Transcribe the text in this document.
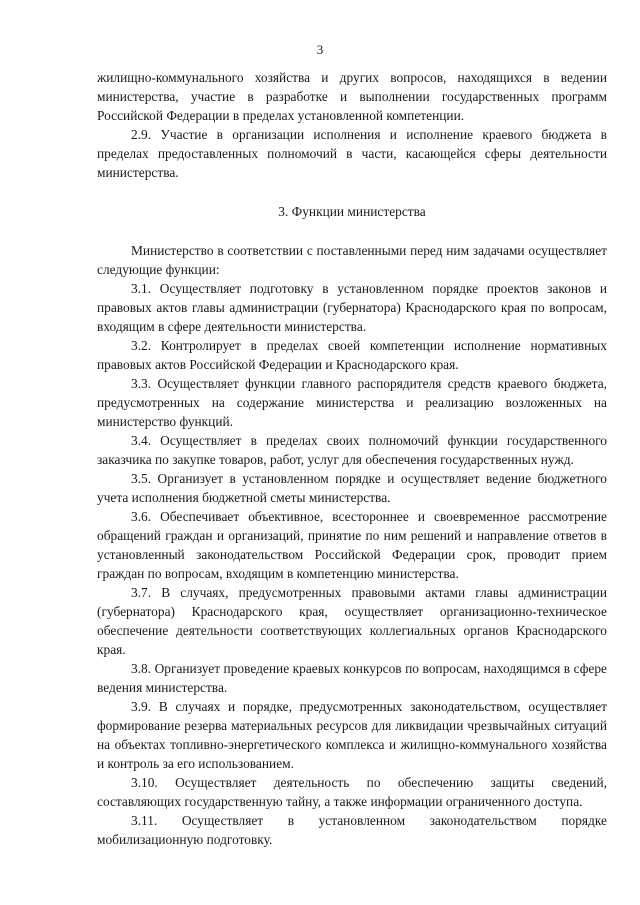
3

жилищно-коммунального хозяйства и других вопросов, находящихся в ведении министерства, участие в разработке и выполнении государственных программ Российской Федерации в пределах установленной компетенции.

2.9. Участие в организации исполнения и исполнение краевого бюджета в пределах предоставленных полномочий в части, касающейся сферы деятельности министерства.

3. Функции министерства

Министерство в соответствии с поставленными перед ним задачами осуществляет следующие функции:

3.1. Осуществляет подготовку в установленном порядке проектов законов и правовых актов главы администрации (губернатора) Краснодарского края по вопросам, входящим в сфере деятельности министерства.

3.2. Контролирует в пределах своей компетенции исполнение нормативных правовых актов Российской Федерации и Краснодарского края.

3.3. Осуществляет функции главного распорядителя средств краевого бюджета, предусмотренных на содержание министерства и реализацию возложенных на министерство функций.

3.4. Осуществляет в пределах своих полномочий функции государственного заказчика по закупке товаров, работ, услуг для обеспечения государственных нужд.

3.5. Организует в установленном порядке и осуществляет ведение бюджетного учета исполнения бюджетной сметы министерства.

3.6. Обеспечивает объективное, всестороннее и своевременное рассмотрение обращений граждан и организаций, принятие по ним решений и направление ответов в установленный законодательством Российской Федерации срок, проводит прием граждан по вопросам, входящим в компетенцию министерства.

3.7. В случаях, предусмотренных правовыми актами главы администрации (губернатора) Краснодарского края, осуществляет организационно-техническое обеспечение деятельности соответствующих коллегиальных органов Краснодарского края.

3.8. Организует проведение краевых конкурсов по вопросам, находящимся в сфере ведения министерства.

3.9. В случаях и порядке, предусмотренных законодательством, осуществляет формирование резерва материальных ресурсов для ликвидации чрезвычайных ситуаций на объектах топливно-энергетического комплекса и жилищно-коммунального хозяйства и контроль за его использованием.

3.10. Осуществляет деятельность по обеспечению защиты сведений, составляющих государственную тайну, а также информации ограниченного доступа.

3.11. Осуществляет в установленном законодательством порядке мобилизационную подготовку.
